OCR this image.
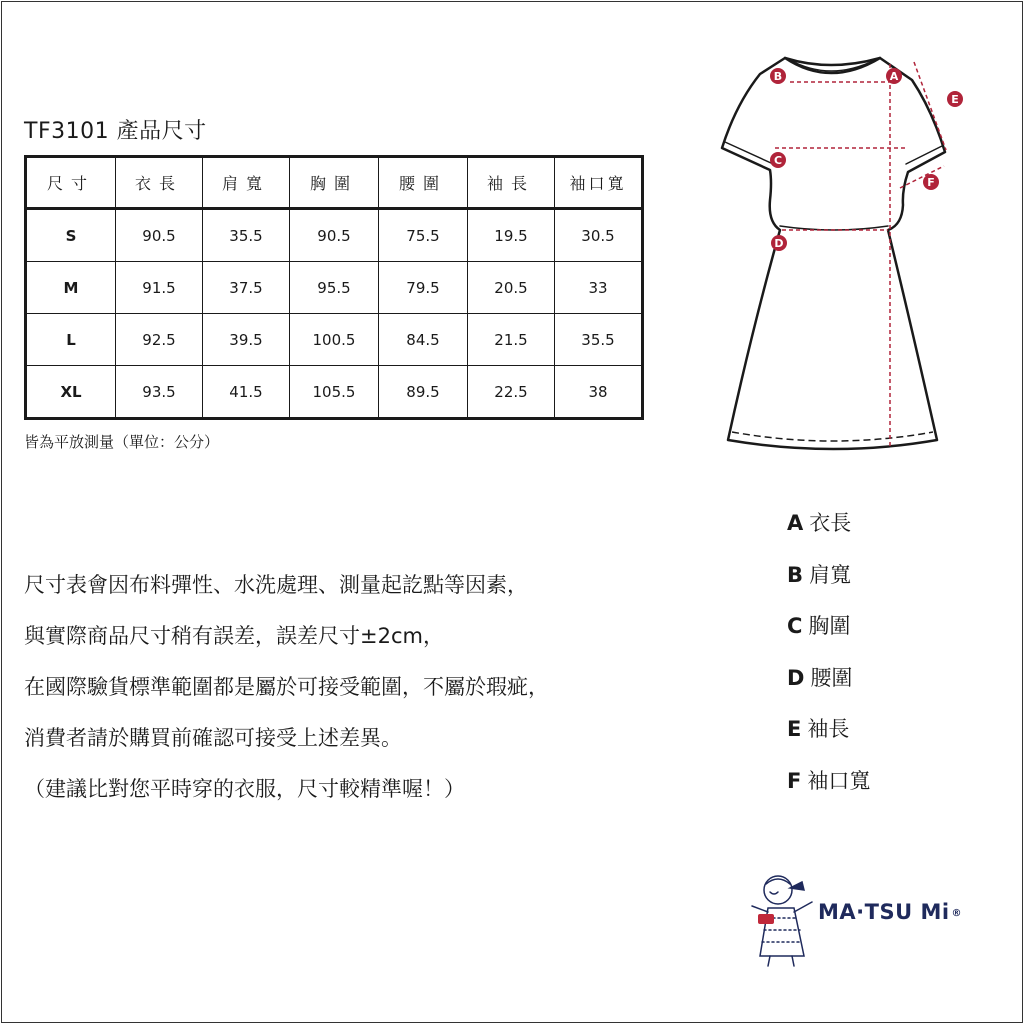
TF3101 產品尺寸
尺寸	衣長	肩寬	胸圍	腰圍	袖長	袖口寬
S	90.5	35.5	90.5	75.5	19.5	30.5
M	91.5	37.5	95.5	79.5	20.5	33
L	92.5	39.5	100.5	84.5	21.5	35.5
XL	93.5	41.5	105.5	89.5	22.5	38
皆為平放測量（單位：公分）
尺寸表會因布料彈性、水洗處理、測量起訖點等因素，
與實際商品尺寸稍有誤差，誤差尺寸±2cm，
在國際驗貨標準範圍都是屬於可接受範圍，不屬於瑕疵，
消費者請於購買前確認可接受上述差異。
（建議比對您平時穿的衣服，尺寸較精準喔！）
A 衣長
B 肩寬
C 胸圍
D 腰圍
E 袖長
F 袖口寬
A
B
C
D
E
F
MA·TSU Mi ®
